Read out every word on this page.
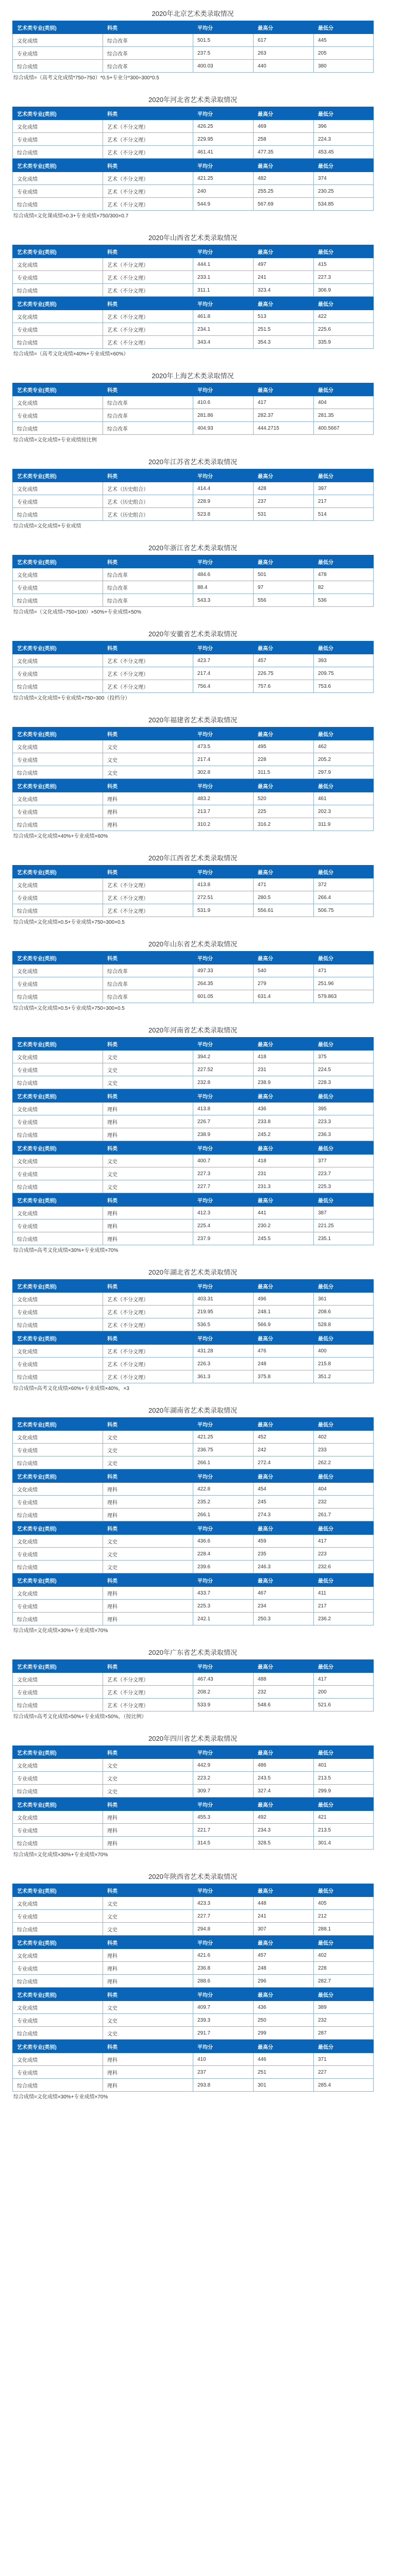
2020年北京艺术类录取情况
艺术类专业(类别)	科类	平均分	最高分	最低分
文化成绩	综合改革	501.5	617	445
专业成绩	综合改革	237.5	263	205
综合成绩	综合改革	400.03	440	380
综合成绩=（高考文化成绩*750÷750）*0.5+专业分*300÷300*0.5
2020年河北省艺术类录取情况
艺术类专业(类别)	科类	平均分	最高分	最低分
文化成绩	艺术（不分文理）	426.25	469	396
专业成绩	艺术（不分文理）	229.95	258	224.3
综合成绩	艺术（不分文理）	461.41	477.35	453.45
艺术类专业(类别)	科类	平均分	最高分	最低分
文化成绩	艺术（不分文理）	421.25	482	374
专业成绩	艺术（不分文理）	240	255.25	230.25
综合成绩	艺术（不分文理）	544.9	567.69	534.85
综合成绩=文化课成绩×0.3+专业成绩×750/300×0.7
2020年山西省艺术类录取情况
艺术类专业(类别)	科类	平均分	最高分	最低分
文化成绩	艺术（不分文理）	444.1	497	415
专业成绩	艺术（不分文理）	233.1	241	227.3
综合成绩	艺术（不分文理）	311.1	323.4	306.9
艺术类专业(类别)	科类	平均分	最高分	最低分
文化成绩	艺术（不分文理）	461.8	513	422
专业成绩	艺术（不分文理）	234.1	251.5	225.6
综合成绩	艺术（不分文理）	343.4	354.3	335.9
综合成绩=（高考文化成绩×40%+专业成绩×60%）
2020年上海艺术类录取情况
艺术类专业(类别)	科类	平均分	最高分	最低分
文化成绩	综合改革	410.6	417	404
专业成绩	综合改革	281.86	282.37	281.35
综合成绩	综合改革	404.93	444.2715	400.5667
综合成绩=文化成绩+专业成绩按比例
2020年江苏省艺术类录取情况
艺术类专业(类别)	科类	平均分	最高分	最低分
文化成绩	艺术（历史组合）	414.4	428	397
专业成绩	艺术（历史组合）	228.9	237	217
综合成绩	艺术（历史组合）	523.8	531	514
综合成绩=文化成绩+专业成绩
2020年浙江省艺术类录取情况
艺术类专业(类别)	科类	平均分	最高分	最低分
文化成绩	综合改革	484.6	501	478
专业成绩	综合改革	88.4	97	82
综合成绩	综合改革	543.3	556	536
综合成绩=（文化成绩÷750×100）×50%+专业成绩×50%
2020年安徽省艺术类录取情况
艺术类专业(类别)	科类	平均分	最高分	最低分
文化成绩	艺术（不分文理）	423.7	457	393
专业成绩	艺术（不分文理）	217.4	226.75	209.75
综合成绩	艺术（不分文理）	756.4	757.6	753.6
综合成绩=文化成绩+专业成绩×750÷300（投档分）
2020年福建省艺术类录取情况
艺术类专业(类别)	科类	平均分	最高分	最低分
文化成绩	文史	473.5	495	462
专业成绩	文史	217.4	228	205.2
综合成绩	文史	302.8	311.5	297.9
艺术类专业(类别)	科类	平均分	最高分	最低分
文化成绩	理科	483.2	520	461
专业成绩	理科	213.7	225	202.3
综合成绩	理科	310.2	316.2	311.9
综合成绩=文化成绩×40%+专业成绩×60%
2020年江西省艺术类录取情况
艺术类专业(类别)	科类	平均分	最高分	最低分
文化成绩	艺术（不分文理）	413.8	471	372
专业成绩	艺术（不分文理）	272.51	280.5	266.4
综合成绩	艺术（不分文理）	531.9	556.61	506.75
综合成绩=文化成绩×0.5+专业成绩×750÷300×0.5
2020年山东省艺术类录取情况
艺术类专业(类别)	科类	平均分	最高分	最低分
文化成绩	综合改革	497.33	540	471
专业成绩	综合改革	264.35	279	251.96
综合成绩	综合改革	601.05	631.4	579.863
综合成绩=文化成绩×0.5+专业成绩×750÷300×0.5
2020年河南省艺术类录取情况
艺术类专业(类别)	科类	平均分	最高分	最低分
文化成绩	文史	394.2	418	375
专业成绩	文史	227.52	231	224.5
综合成绩	文史	232.8	238.9	228.3
艺术类专业(类别)	科类	平均分	最高分	最低分
文化成绩	理科	413.8	436	395
专业成绩	理科	226.7	233.8	223.3
综合成绩	理科	238.9	245.2	236.3
艺术类专业(类别)	科类	平均分	最高分	最低分
文化成绩	文史	400.7	418	377
专业成绩	文史	227.3	231	223.7
综合成绩	文史	227.7	231.3	225.3
艺术类专业(类别)	科类	平均分	最高分	最低分
文化成绩	理科	412.3	441	387
专业成绩	理科	225.4	230.2	221.25
综合成绩	理科	237.9	245.5	235.1
综合成绩=高考文化成绩×30%+专业成绩×70%
2020年湖北省艺术类录取情况
艺术类专业(类别)	科类	平均分	最高分	最低分
文化成绩	艺术（不分文理）	403.31	496	361
专业成绩	艺术（不分文理）	219.95	248.1	208.6
综合成绩	艺术（不分文理）	536.5	566.9	528.8
艺术类专业(类别)	科类	平均分	最高分	最低分
文化成绩	艺术（不分文理）	431.28	476	400
专业成绩	艺术（不分文理）	226.3	248	215.8
综合成绩	艺术（不分文理）	361.3	375.8	351.2
综合成绩=高考文化成绩×60%+专业成绩×40%，×3
2020年湖南省艺术类录取情况
艺术类专业(类别)	科类	平均分	最高分	最低分
文化成绩	文史	421.25	452	402
专业成绩	文史	236.75	242	233
综合成绩	文史	266.1	272.4	262.2
艺术类专业(类别)	科类	平均分	最高分	最低分
文化成绩	理科	422.8	454	404
专业成绩	理科	235.2	245	232
综合成绩	理科	266.1	274.3	261.7
艺术类专业(类别)	科类	平均分	最高分	最低分
文化成绩	文史	436.6	459	417
专业成绩	文史	228.4	235	223
综合成绩	文史	239.6	246.3	232.6
艺术类专业(类别)	科类	平均分	最高分	最低分
文化成绩	理科	433.7	467	411
专业成绩	理科	225.3	234	217
综合成绩	理科	242.1	250.3	236.2
综合成绩=文化成绩×30%+专业成绩×70%
2020年广东省艺术类录取情况
艺术类专业(类别)	科类	平均分	最高分	最低分
文化成绩	艺术（不分文理）	467.43	488	417
专业成绩	艺术（不分文理）	208.2	232	200
综合成绩	艺术（不分文理）	533.9	548.6	521.6
综合成绩=高考文化成绩×50%+专业成绩×50%，（按比例）
2020年四川省艺术类录取情况
艺术类专业(类别)	科类	平均分	最高分	最低分
文化成绩	文史	442.9	486	401
专业成绩	文史	223.2	243.5	213.5
综合成绩	文史	309.7	327.4	299.9
艺术类专业(类别)	科类	平均分	最高分	最低分
文化成绩	理科	455.3	492	421
专业成绩	理科	221.7	234.3	213.5
综合成绩	理科	314.5	328.5	301.4
综合成绩=文化成绩×30%+专业成绩×70%
2020年陕西省艺术类录取情况
艺术类专业(类别)	科类	平均分	最高分	最低分
文化成绩	文史	423.3	448	405
专业成绩	文史	227.7	241	212
综合成绩	文史	294.8	307	288.1
艺术类专业(类别)	科类	平均分	最高分	最低分
文化成绩	理科	421.6	457	402
专业成绩	理科	236.8	248	228
综合成绩	理科	288.6	296	282.7
艺术类专业(类别)	科类	平均分	最高分	最低分
文化成绩	文史	409.7	436	389
专业成绩	文史	239.3	250	232
综合成绩	文史	291.7	299	287
艺术类专业(类别)	科类	平均分	最高分	最低分
文化成绩	理科	410	446	371
专业成绩	理科	237	251	227
综合成绩	理科	293.8	301	285.4
综合成绩=文化成绩×30%+专业成绩×70%
